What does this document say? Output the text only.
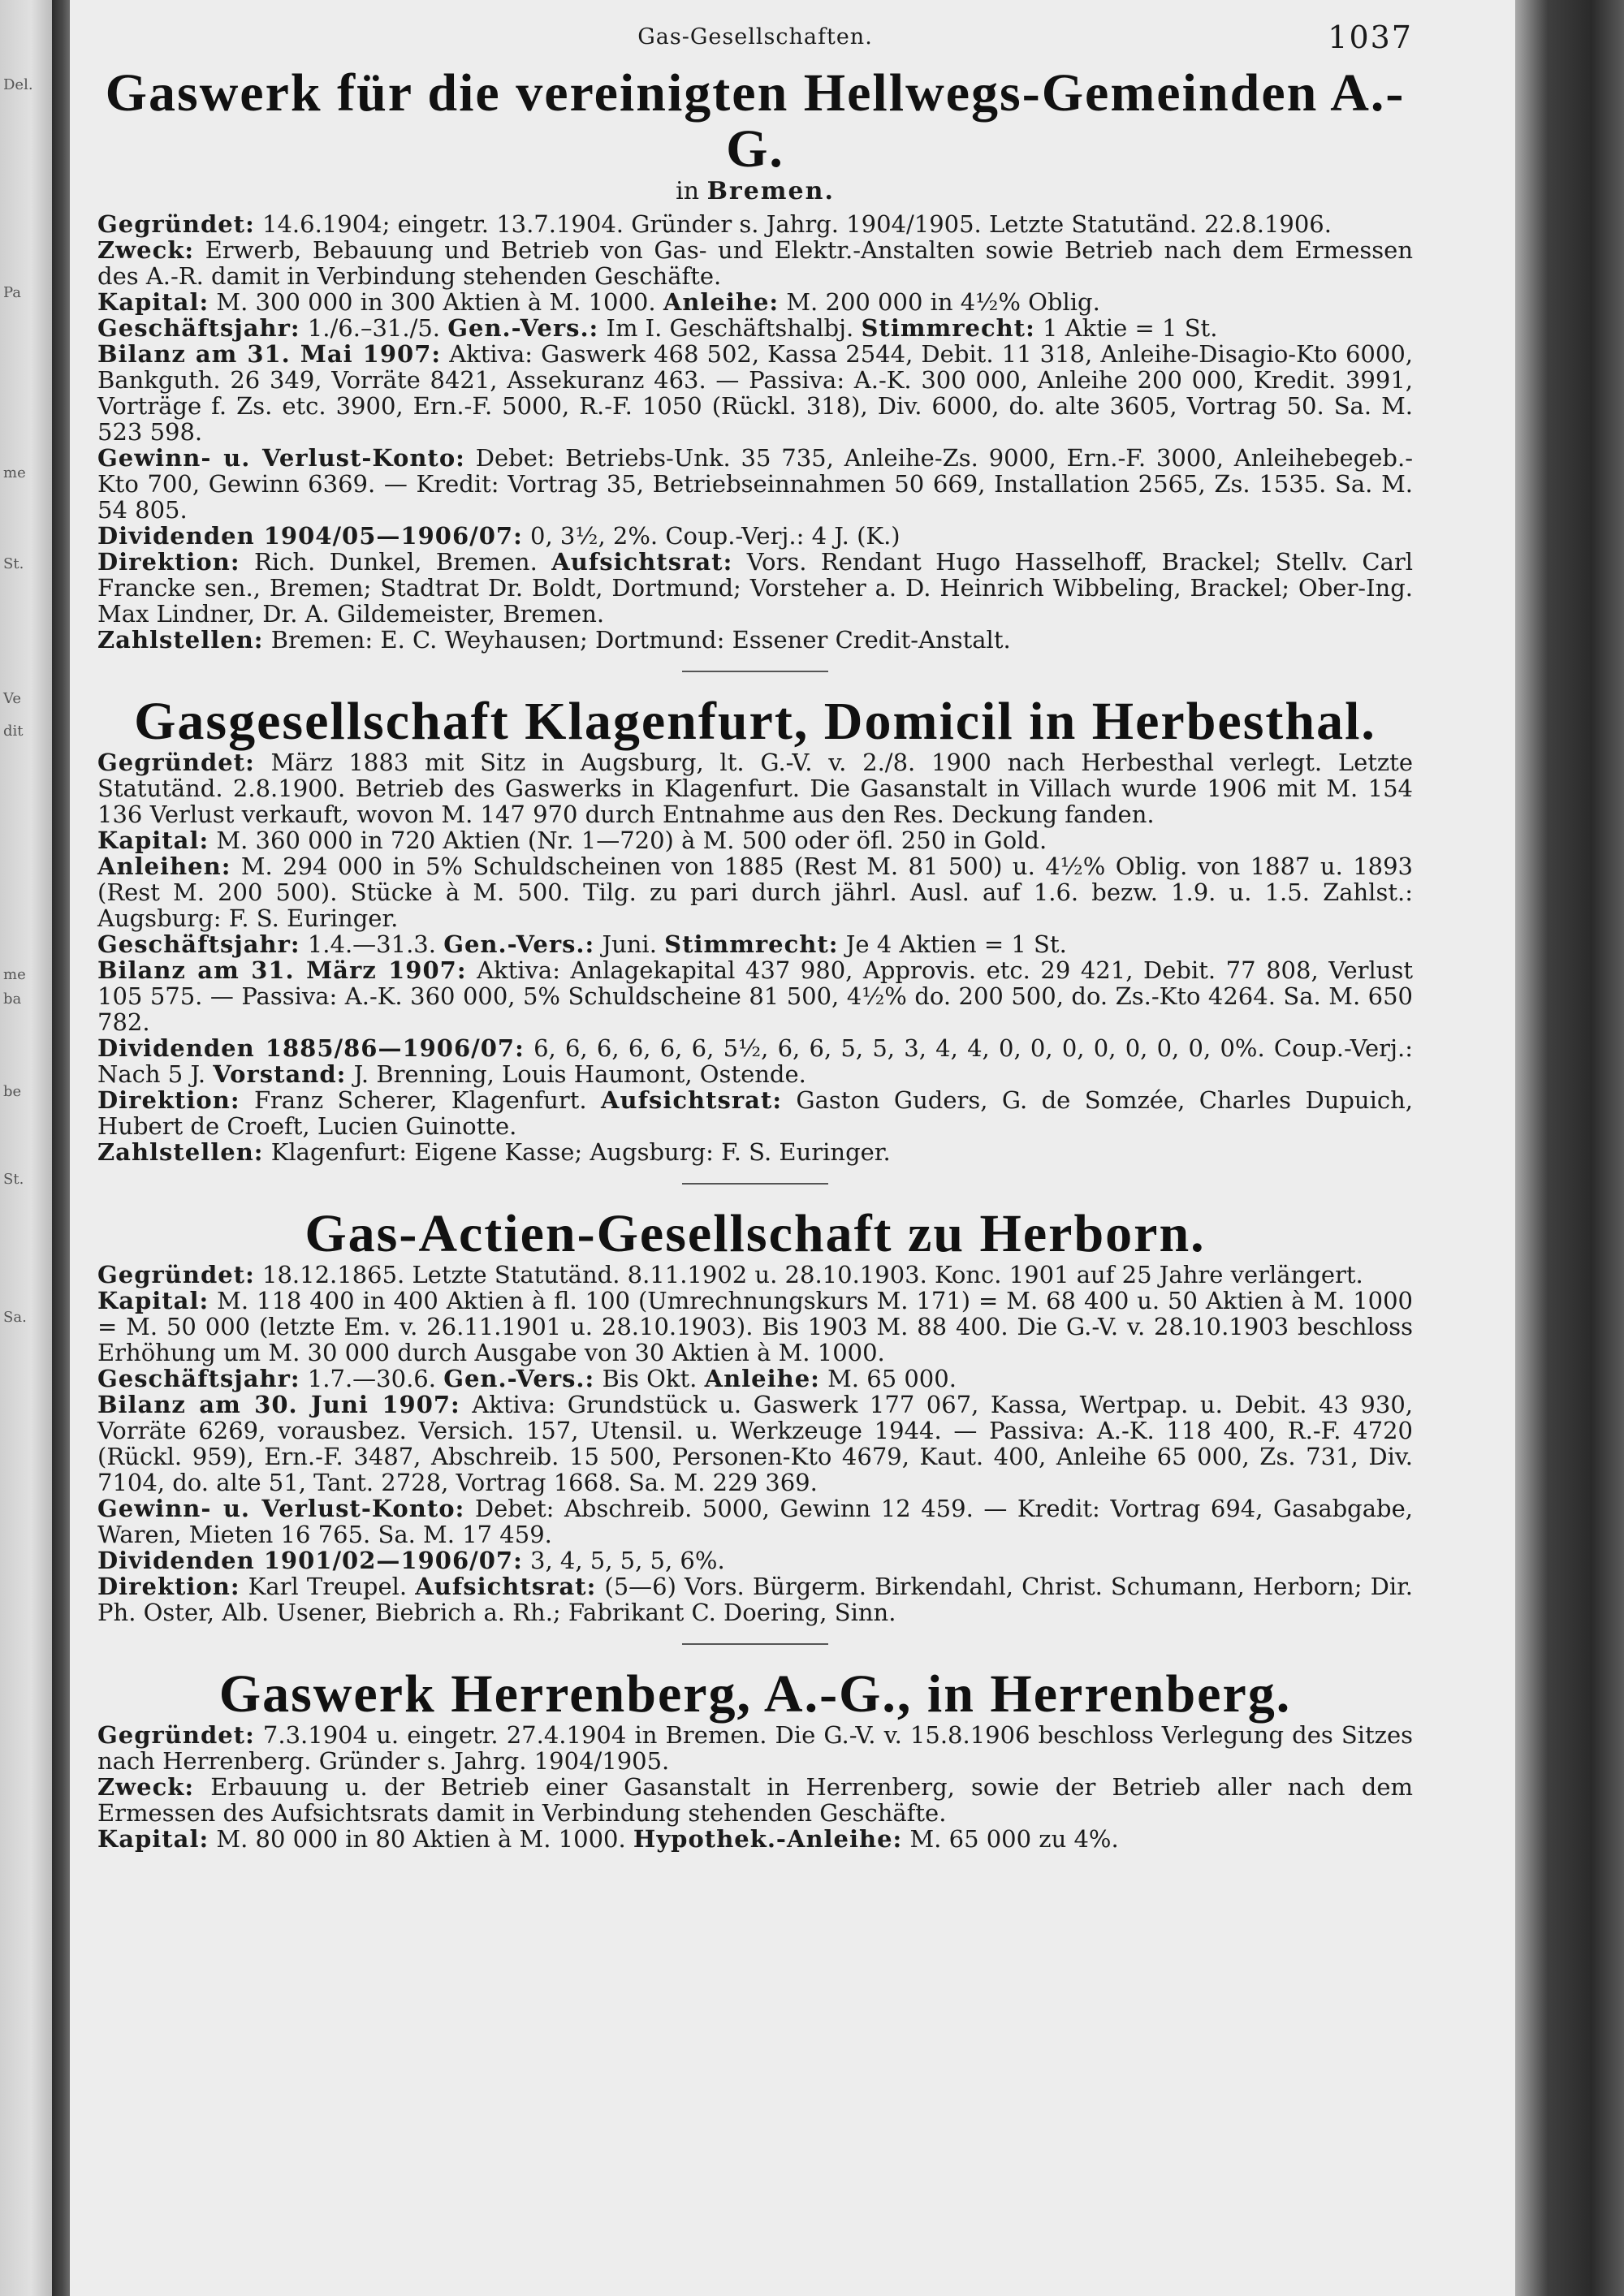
Del.
Pa
me
St.
Ve
dit
me
ba
be
St.
Sa.
Gas-Gesellschaften.	1037
Gaswerk für die vereinigten Hellwegs-Gemeinden A.-G.
in Bremen.

Gegründet: 14.6.1904; eingetr. 13.7.1904. Gründer s. Jahrg. 1904/1905. Letzte Statutänd. 22.8.1906.

Zweck: Erwerb, Bebauung und Betrieb von Gas- und Elektr.-Anstalten sowie Betrieb nach dem Ermessen des A.-R. damit in Verbindung stehenden Geschäfte.

Kapital: M. 300 000 in 300 Aktien à M. 1000. Anleihe: M. 200 000 in 4½% Oblig.

Geschäftsjahr: 1./6.–31./5. Gen.-Vers.: Im I. Geschäftshalbj. Stimmrecht: 1 Aktie = 1 St.

Bilanz am 31. Mai 1907: Aktiva: Gaswerk 468 502, Kassa 2544, Debit. 11 318, Anleihe-Disagio-Kto 6000, Bankguth. 26 349, Vorräte 8421, Assekuranz 463. — Passiva: A.-K. 300 000, Anleihe 200 000, Kredit. 3991, Vorträge f. Zs. etc. 3900, Ern.-F. 5000, R.-F. 1050 (Rückl. 318), Div. 6000, do. alte 3605, Vortrag 50. Sa. M. 523 598.

Gewinn- u. Verlust-Konto: Debet: Betriebs-Unk. 35 735, Anleihe-Zs. 9000, Ern.-F. 3000, Anleihebegeb.-Kto 700, Gewinn 6369. — Kredit: Vortrag 35, Betriebseinnahmen 50 669, Installation 2565, Zs. 1535. Sa. M. 54 805.

Dividenden 1904/05—1906/07: 0, 3½, 2%. Coup.-Verj.: 4 J. (K.)

Direktion: Rich. Dunkel, Bremen. Aufsichtsrat: Vors. Rendant Hugo Hasselhoff, Brackel; Stellv. Carl Francke sen., Bremen; Stadtrat Dr. Boldt, Dortmund; Vorsteher a. D. Heinrich Wibbeling, Brackel; Ober-Ing. Max Lindner, Dr. A. Gildemeister, Bremen.

Zahlstellen: Bremen: E. C. Weyhausen; Dortmund: Essener Credit-Anstalt.

Gasgesellschaft Klagenfurt, Domicil in Herbesthal.

Gegründet: März 1883 mit Sitz in Augsburg, lt. G.-V. v. 2./8. 1900 nach Herbesthal verlegt. Letzte Statutänd. 2.8.1900. Betrieb des Gaswerks in Klagenfurt. Die Gasanstalt in Villach wurde 1906 mit M. 154 136 Verlust verkauft, wovon M. 147 970 durch Entnahme aus den Res. Deckung fanden.

Kapital: M. 360 000 in 720 Aktien (Nr. 1—720) à M. 500 oder öfl. 250 in Gold.

Anleihen: M. 294 000 in 5% Schuldscheinen von 1885 (Rest M. 81 500) u. 4½% Oblig. von 1887 u. 1893 (Rest M. 200 500). Stücke à M. 500. Tilg. zu pari durch jährl. Ausl. auf 1.6. bezw. 1.9. u. 1.5. Zahlst.: Augsburg: F. S. Euringer.

Geschäftsjahr: 1.4.—31.3. Gen.-Vers.: Juni. Stimmrecht: Je 4 Aktien = 1 St.

Bilanz am 31. März 1907: Aktiva: Anlagekapital 437 980, Approvis. etc. 29 421, Debit. 77 808, Verlust 105 575. — Passiva: A.-K. 360 000, 5% Schuldscheine 81 500, 4½% do. 200 500, do. Zs.-Kto 4264. Sa. M. 650 782.

Dividenden 1885/86—1906/07: 6, 6, 6, 6, 6, 6, 5½, 6, 6, 5, 5, 3, 4, 4, 0, 0, 0, 0, 0, 0, 0, 0%. Coup.-Verj.: Nach 5 J. Vorstand: J. Brenning, Louis Haumont, Ostende.

Direktion: Franz Scherer, Klagenfurt. Aufsichtsrat: Gaston Guders, G. de Somzée, Charles Dupuich, Hubert de Croeft, Lucien Guinotte.

Zahlstellen: Klagenfurt: Eigene Kasse; Augsburg: F. S. Euringer.

Gas-Actien-Gesellschaft zu Herborn.

Gegründet: 18.12.1865. Letzte Statutänd. 8.11.1902 u. 28.10.1903. Konc. 1901 auf 25 Jahre verlängert.

Kapital: M. 118 400 in 400 Aktien à fl. 100 (Umrechnungskurs M. 171) = M. 68 400 u. 50 Aktien à M. 1000 = M. 50 000 (letzte Em. v. 26.11.1901 u. 28.10.1903). Bis 1903 M. 88 400. Die G.-V. v. 28.10.1903 beschloss Erhöhung um M. 30 000 durch Ausgabe von 30 Aktien à M. 1000.

Geschäftsjahr: 1.7.—30.6. Gen.-Vers.: Bis Okt. Anleihe: M. 65 000.

Bilanz am 30. Juni 1907: Aktiva: Grundstück u. Gaswerk 177 067, Kassa, Wertpap. u. Debit. 43 930, Vorräte 6269, vorausbez. Versich. 157, Utensil. u. Werkzeuge 1944. — Passiva: A.-K. 118 400, R.-F. 4720 (Rückl. 959), Ern.-F. 3487, Abschreib. 15 500, Personen-Kto 4679, Kaut. 400, Anleihe 65 000, Zs. 731, Div. 7104, do. alte 51, Tant. 2728, Vortrag 1668. Sa. M. 229 369.

Gewinn- u. Verlust-Konto: Debet: Abschreib. 5000, Gewinn 12 459. — Kredit: Vortrag 694, Gasabgabe, Waren, Mieten 16 765. Sa. M. 17 459.

Dividenden 1901/02—1906/07: 3, 4, 5, 5, 5, 6%.

Direktion: Karl Treupel. Aufsichtsrat: (5—6) Vors. Bürgerm. Birkendahl, Christ. Schumann, Herborn; Dir. Ph. Oster, Alb. Usener, Biebrich a. Rh.; Fabrikant C. Doering, Sinn.

Gaswerk Herrenberg, A.-G., in Herrenberg.

Gegründet: 7.3.1904 u. eingetr. 27.4.1904 in Bremen. Die G.-V. v. 15.8.1906 beschloss Verlegung des Sitzes nach Herrenberg. Gründer s. Jahrg. 1904/1905.

Zweck: Erbauung u. der Betrieb einer Gasanstalt in Herrenberg, sowie der Betrieb aller nach dem Ermessen des Aufsichtsrats damit in Verbindung stehenden Geschäfte.

Kapital: M. 80 000 in 80 Aktien à M. 1000. Hypothek.-Anleihe: M. 65 000 zu 4%.
